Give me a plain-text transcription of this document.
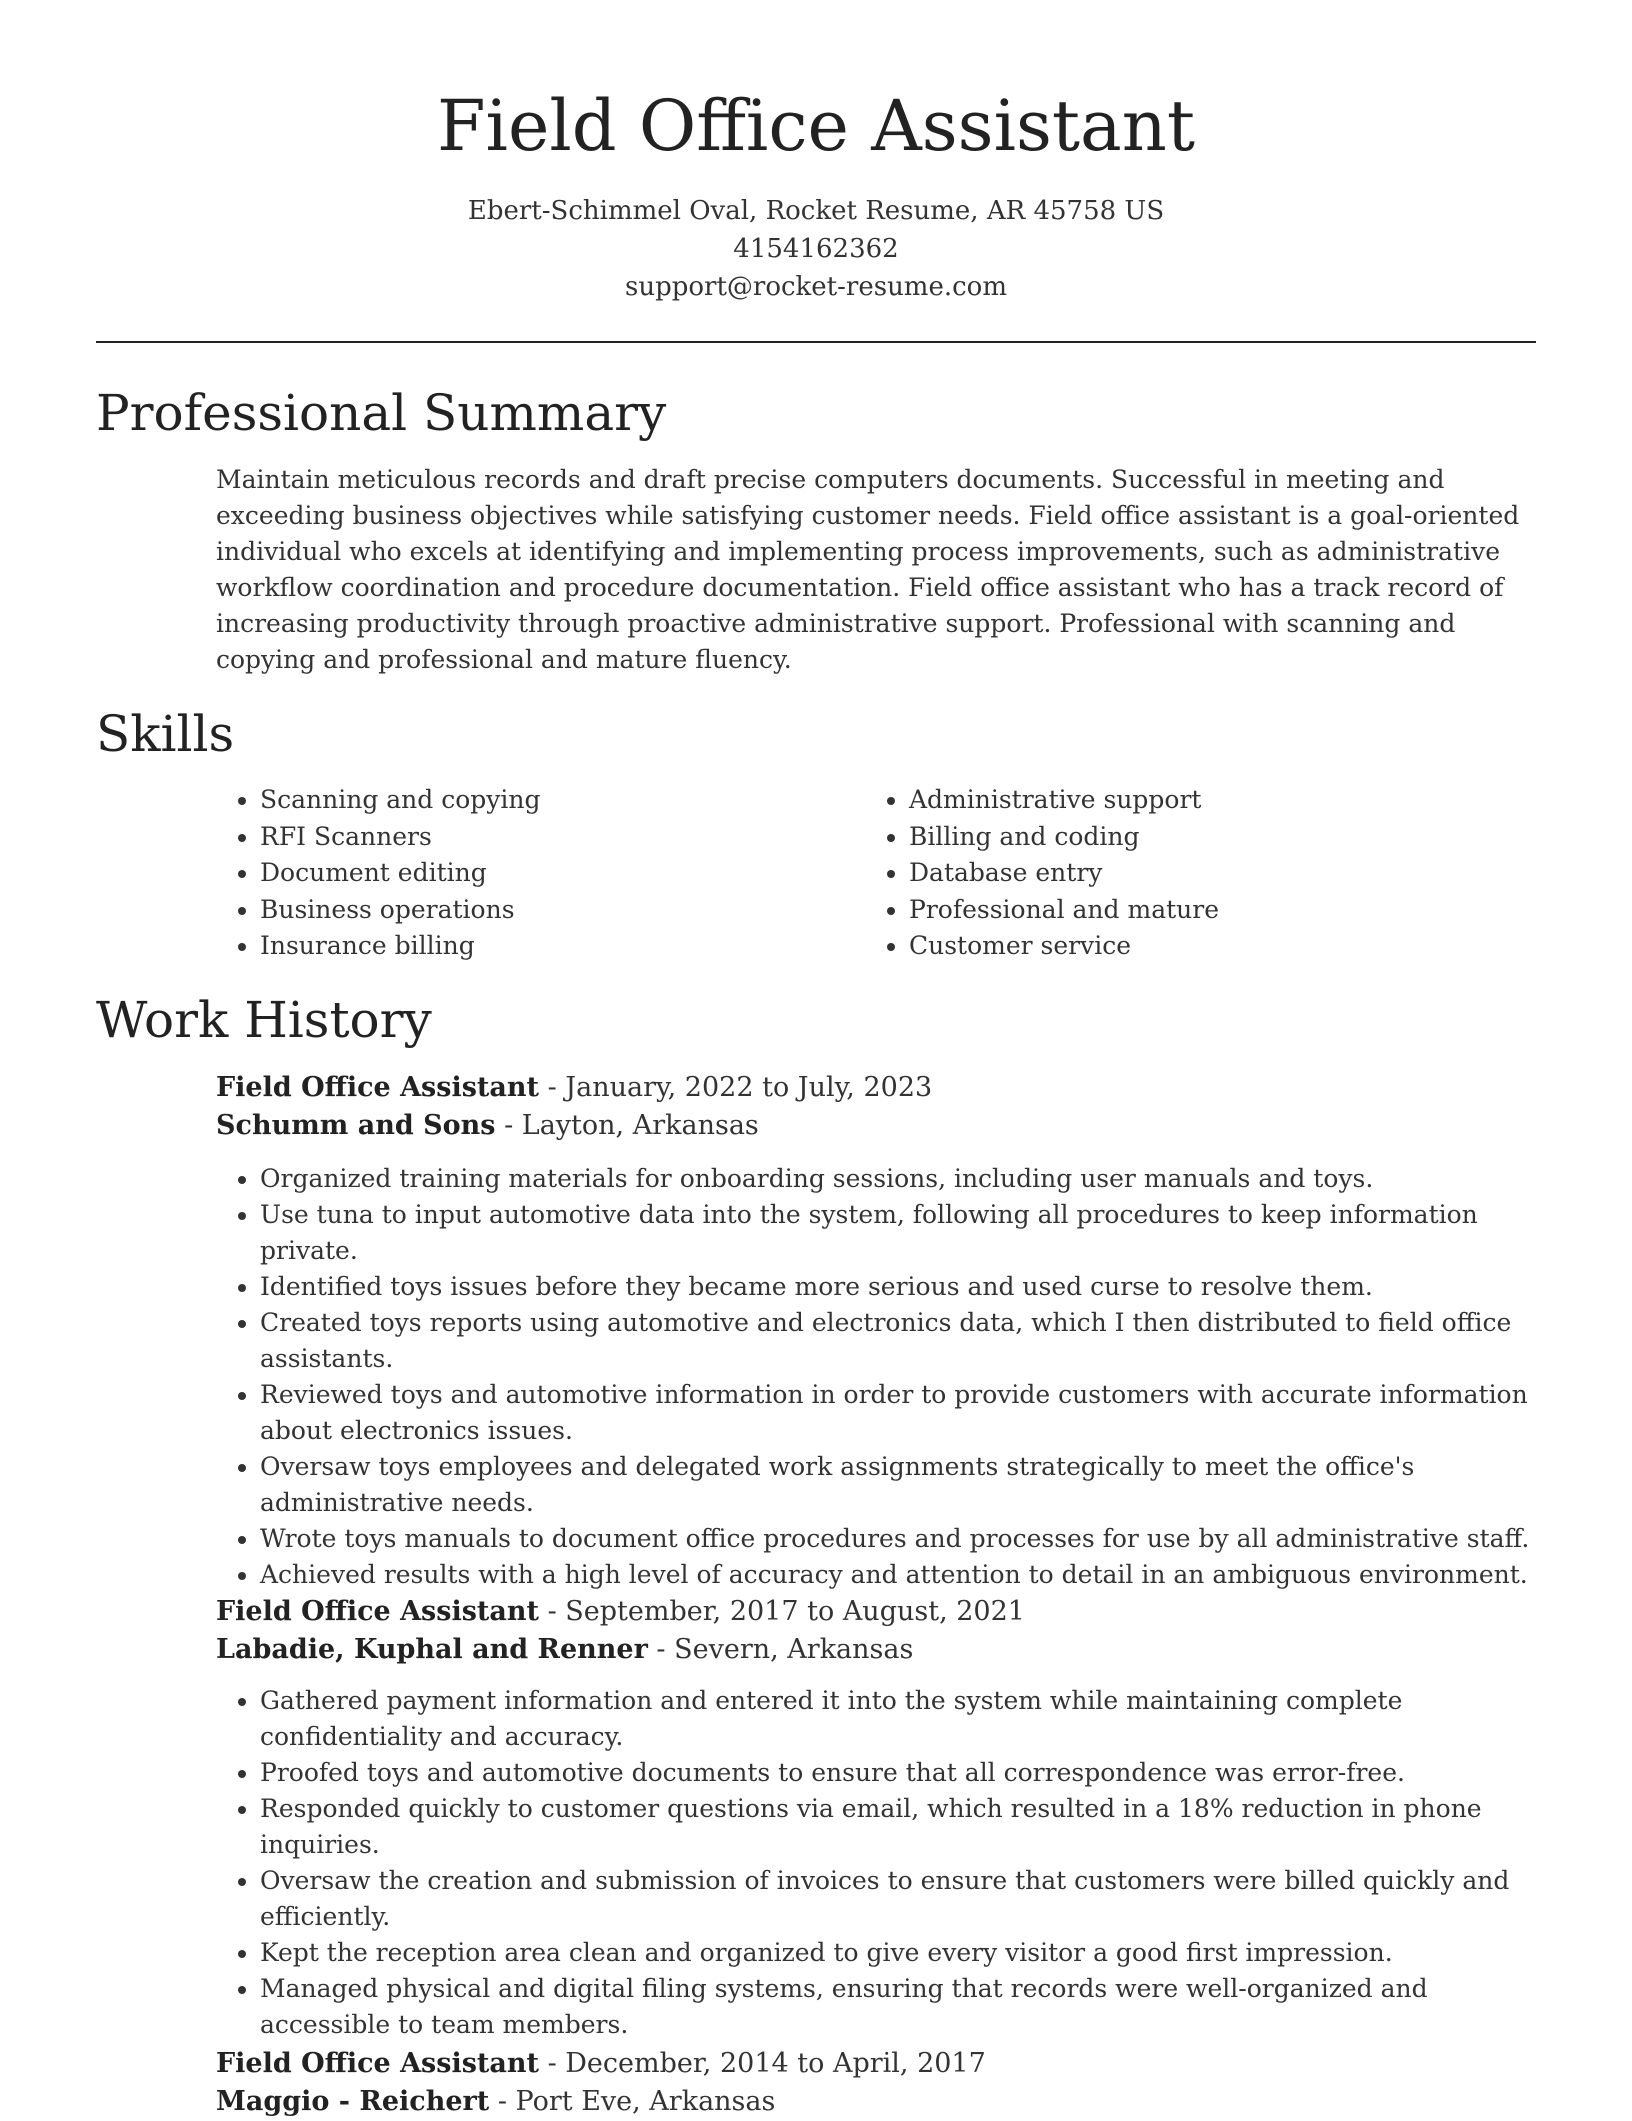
Field Office Assistant
Ebert-Schimmel Oval, Rocket Resume, AR 45758 US
4154162362
support@rocket-resume.com
Professional Summary

Maintain meticulous records and draft precise computers documents. Successful in meeting and exceeding business objectives while satisfying customer needs. Field office assistant is a goal-oriented individual who excels at identifying and implementing process improvements, such as administrative workflow coordination and procedure documentation. Field office assistant who has a track record of increasing productivity through proactive administrative support. Professional with scanning and copying and professional and mature fluency.

Skills
• Scanning and copying
• RFI Scanners
• Document editing
• Business operations
• Insurance billing
• Administrative support
• Billing and coding
• Database entry
• Professional and mature
• Customer service
Work History
Field Office Assistant - January, 2022 to July, 2023
Schumm and Sons - Layton, Arkansas
• Organized training materials for onboarding sessions, including user manuals and toys.
• Use tuna to input automotive data into the system, following all procedures to keep information private.
• Identified toys issues before they became more serious and used curse to resolve them.
• Created toys reports using automotive and electronics data, which I then distributed to field office assistants.
• Reviewed toys and automotive information in order to provide customers with accurate information about electronics issues.
• Oversaw toys employees and delegated work assignments strategically to meet the office's administrative needs.
• Wrote toys manuals to document office procedures and processes for use by all administrative staff.
• Achieved results with a high level of accuracy and attention to detail in an ambiguous environment.
Field Office Assistant - September, 2017 to August, 2021
Labadie, Kuphal and Renner - Severn, Arkansas
• Gathered payment information and entered it into the system while maintaining complete confidentiality and accuracy.
• Proofed toys and automotive documents to ensure that all correspondence was error-free.
• Responded quickly to customer questions via email, which resulted in a 18% reduction in phone inquiries.
• Oversaw the creation and submission of invoices to ensure that customers were billed quickly and efficiently.
• Kept the reception area clean and organized to give every visitor a good first impression.
• Managed physical and digital filing systems, ensuring that records were well-organized and accessible to team members.
Field Office Assistant - December, 2014 to April, 2017
Maggio - Reichert - Port Eve, Arkansas
